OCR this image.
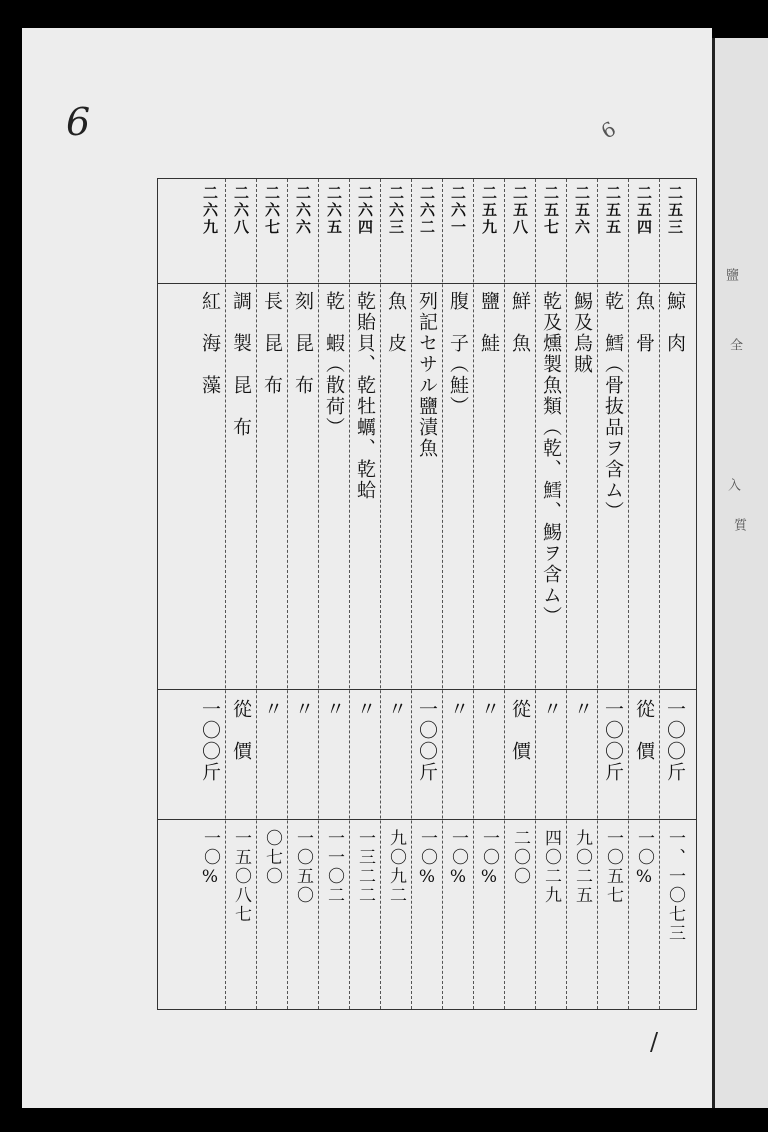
6	6
/
二五三
鯨　肉
一〇〇斤
一、一〇七三
二五四
魚　骨
從　價
一〇%
二五五
乾　鱈（骨抜品ヲ含ム）
一〇〇斤
一〇五七
二五六
鯣及烏賊
〃
九〇二五
二五七
乾及燻製魚類（乾、鱈、鯣ヲ含ム）
〃
四〇二九
二五八
鮮　魚
從　價
二〇〇
二五九
鹽　鮭
〃
一〇%
二六一
腹　子（鮭）
〃
一〇%
二六二
列記セサル鹽漬魚
一〇〇斤
一〇%
二六三
魚　皮
〃
九〇九二
二六四
乾貽貝、乾牡蠣、乾蛤
〃
一三二二
二六五
乾　蝦（散荷）
〃
一一〇二
二六六
刻　昆　布
〃
一〇五〇
二六七
長　昆　布
〃
〇七〇
二六八
調　製　昆　布
從　價
一五〇八七
二六九
紅　海　藻
一〇〇斤
一〇%
鹽
全
入
質
